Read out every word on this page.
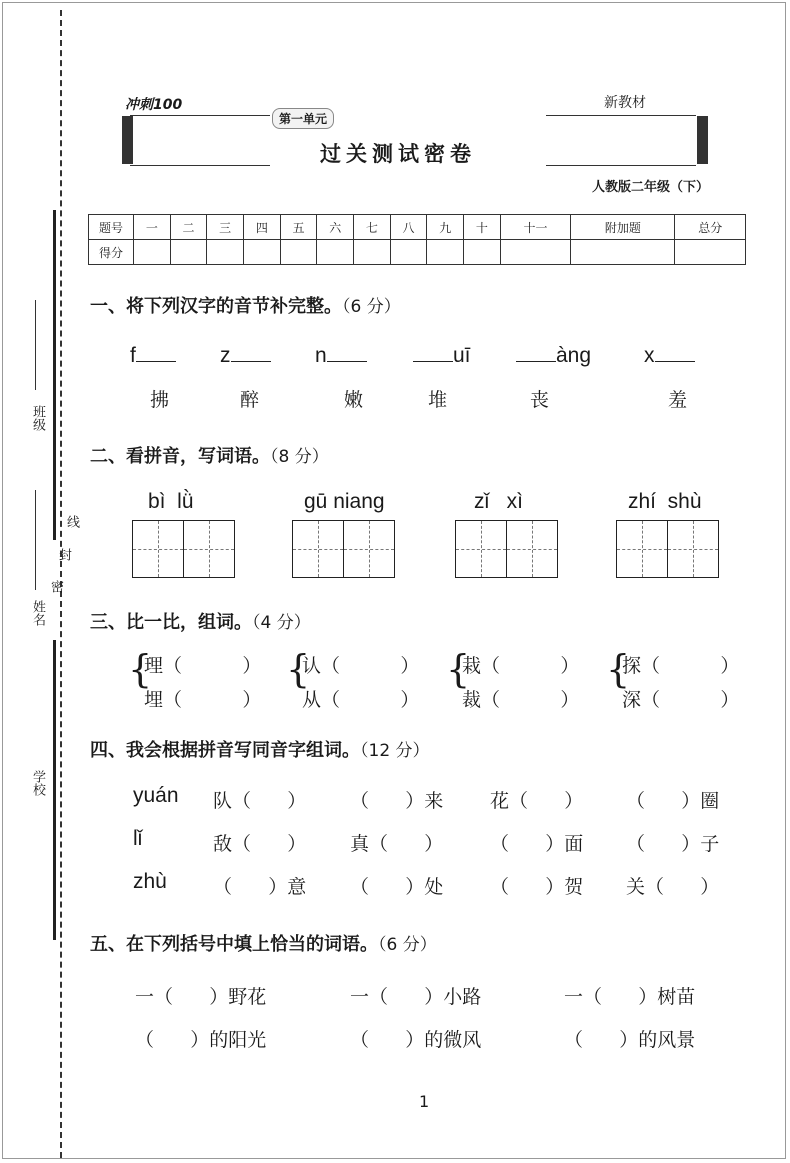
班级
姓名
学校
密
封
线
冲刺100
第一单元
过关测试密卷
新教材
人教版二年级（下）
题号	一	二	三	四	五	六	七	八	九	十	十一	附加题	总分
得分													
一、将下列汉字的音节补完整。（6 分）
f	z	n	uī	àng	x
拂	醉	嫩	堆	丧	羞
二、看拼音，写词语。（8 分）
bì  lǜ	gū niang	zǐ   xì	zhí  shù
三、比一比，组词。（4 分）
{
理（          ）
埋（          ）
{
认（          ）
从（          ）
{
栽（          ）
裁（          ）
{
探（          ）
深（          ）
四、我会根据拼音写同音字组词。（12 分）
yuán 队（      ） （      ）来 花（      ） （      ）圈
lǐ	敌（      ） 真（      ） （      ）面 （      ）子
zhù （      ）意 （      ）处 （      ）贺 关（      ）
五、在下列括号中填上恰当的词语。（6 分）
一（      ）野花	一（      ）小路	一（      ）树苗
（      ）的阳光	（      ）的微风	（      ）的风景
1
